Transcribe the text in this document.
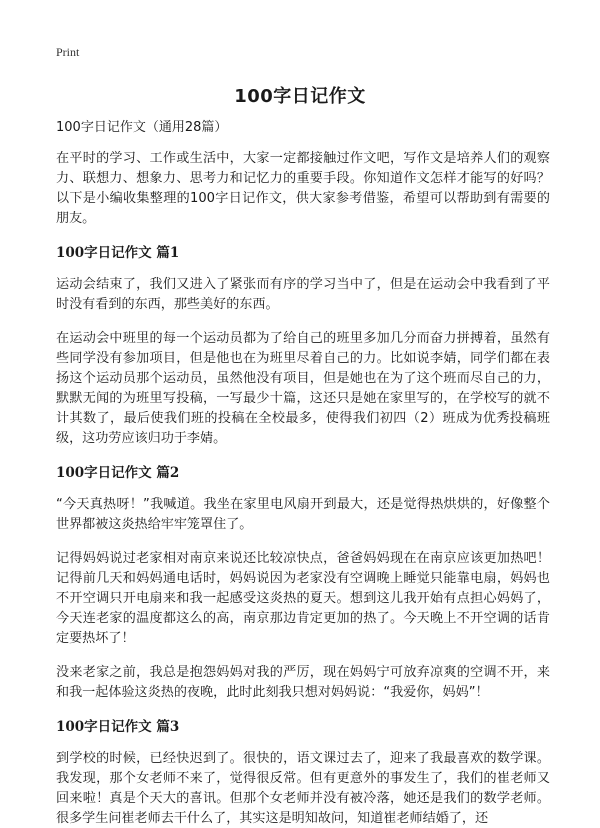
Print
100字日记作文
100字日记作文（通用28篇）

在平时的学习、工作或生活中，大家一定都接触过作文吧，写作文是培养人们的观察力、联想力、想象力、思考力和记忆力的重要手段。你知道作文怎样才能写的好吗？以下是小编收集整理的100字日记作文，供大家参考借鉴，希望可以帮助到有需要的朋友。

100字日记作文 篇1

运动会结束了，我们又进入了紧张而有序的学习当中了，但是在运动会中我看到了平时没有看到的东西，那些美好的东西。

在运动会中班里的每一个运动员都为了给自己的班里多加几分而奋力拼搏着，虽然有些同学没有参加项目，但是他也在为班里尽着自己的力。比如说李婧，同学们都在表扬这个运动员那个运动员，虽然他没有项目，但是她也在为了这个班而尽自己的力，默默无闻的为班里写投稿，一写最少十篇，这还只是她在家里写的，在学校写的就不计其数了，最后使我们班的投稿在全校最多，使得我们初四（2）班成为优秀投稿班级，这功劳应该归功于李婧。

100字日记作文 篇2

“今天真热呀！”我喊道。我坐在家里电风扇开到最大，还是觉得热烘烘的，好像整个世界都被这炎热给牢牢笼罩住了。

记得妈妈说过老家相对南京来说还比较凉快点，爸爸妈妈现在在南京应该更加热吧！记得前几天和妈妈通电话时，妈妈说因为老家没有空调晚上睡觉只能靠电扇，妈妈也不开空调只开电扇来和我一起感受这炎热的夏天。想到这儿我开始有点担心妈妈了，今天连老家的温度都这么的高，南京那边肯定更加的热了。今天晚上不开空调的话肯定要热坏了！

没来老家之前，我总是抱怨妈妈对我的严厉，现在妈妈宁可放弃凉爽的空调不开，来和我一起体验这炎热的夜晚，此时此刻我只想对妈妈说：“我爱你，妈妈”！

100字日记作文 篇3

到学校的时候，已经快迟到了。很快的，语文课过去了，迎来了我最喜欢的数学课。我发现，那个女老师不来了，觉得很反常。但有更意外的事发生了，我们的崔老师又回来啦！真是个天大的喜讯。但那个女老师并没有被冷落，她还是我们的数学老师。很多学生问崔老师去干什么了，其实这是明知故问，知道崔老师结婚了，还
